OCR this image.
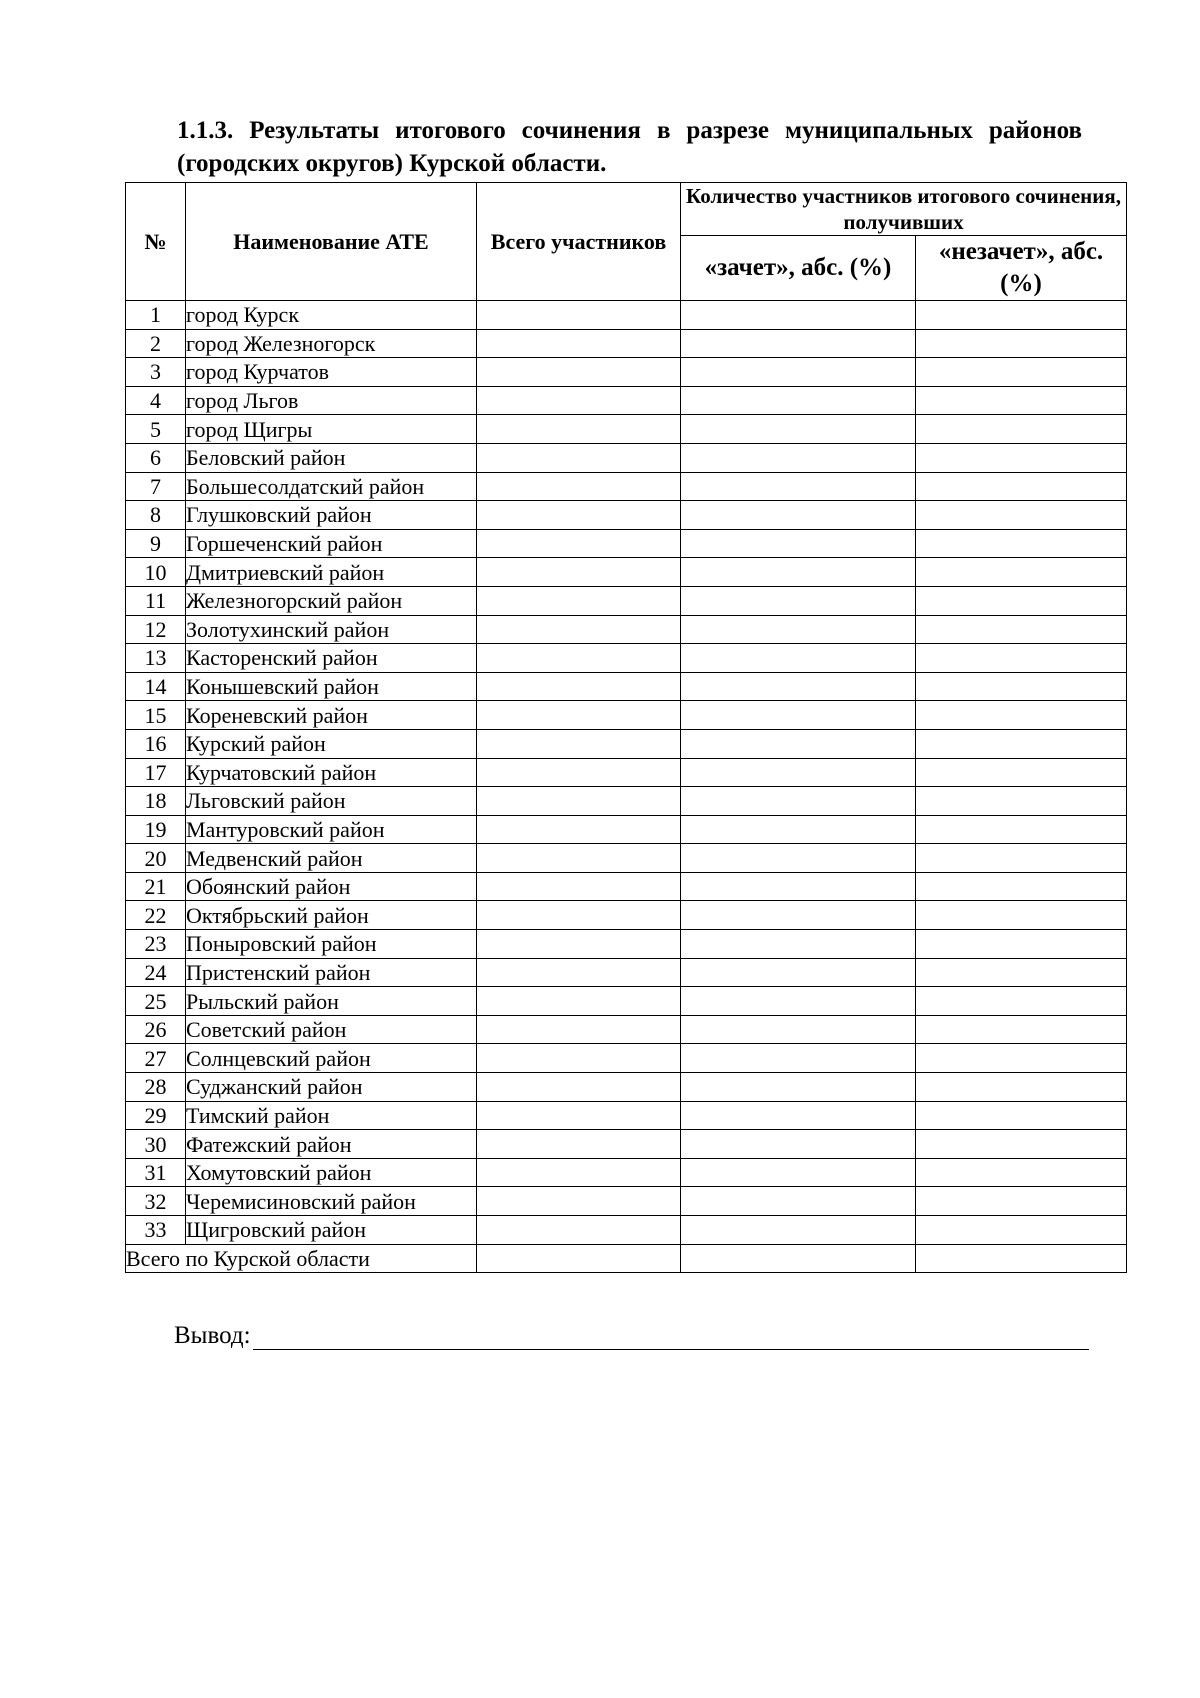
1.1.3. Результаты итогового сочинения в разрезе муниципальных районов (городских округов) Курской области.
№	Наименование АТЕ	Всего участников	Количество участников итогового сочинения, получивших	
			«зачет», абс. (%)	«незачет», абс. (%)
1	город Курск			
2	город Железногорск			
3	город Курчатов			
4	город Льгов			
5	город Щигры			
6	Беловский район			
7	Большесолдатский район			
8	Глушковский район			
9	Горшеченский район			
10	Дмитриевский район			
11	Железногорский район			
12	Золотухинский район			
13	Касторенский район			
14	Конышевский район			
15	Кореневский район			
16	Курский район			
17	Курчатовский район			
18	Льговский район			
19	Мантуровский район			
20	Медвенский район			
21	Обоянский район			
22	Октябрьский район			
23	Поныровский район			
24	Пристенский район			
25	Рыльский район			
26	Советский район			
27	Солнцевский район			
28	Суджанский район			
29	Тимский район			
30	Фатежский район			
31	Хомутовский район			
32	Черемисиновский район			
33	Щигровский район			
Всего по Курской области				
Вывод:
